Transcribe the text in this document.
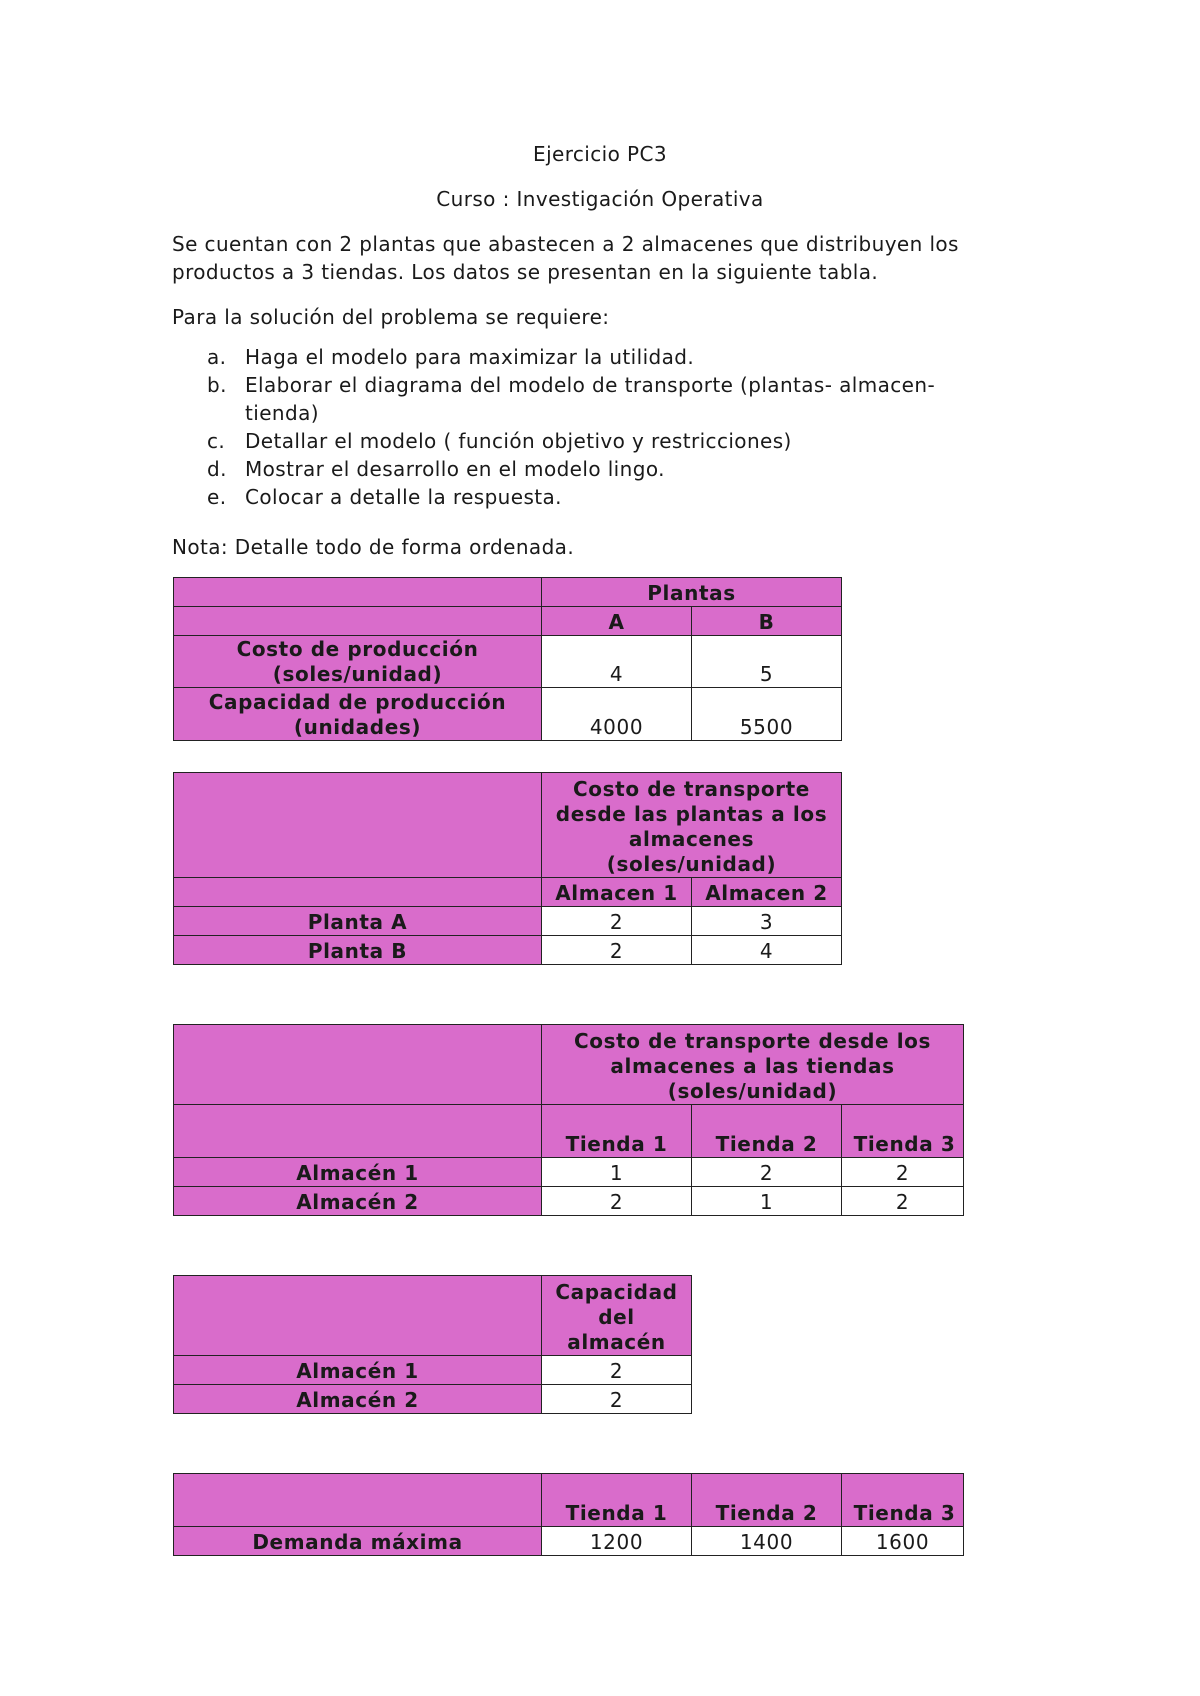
Ejercicio PC3
Curso : Investigación Operativa
Se cuentan con 2 plantas que abastecen a 2 almacenes que distribuyen los
productos a 3 tiendas. Los datos se presentan en la siguiente tabla.
Para la solución del problema se requiere:
a. Haga el modelo para maximizar la utilidad.
b. Elaborar el diagrama del modelo de transporte (plantas- almacen-tienda)
c. Detallar el modelo ( función objetivo y restricciones)
d. Mostrar el desarrollo en el modelo lingo.
e. Colocar a detalle la respuesta.
Nota: Detalle todo de forma ordenada.
	Plantas	
	A	B
Costo de producción (soles/unidad)	4	5
Capacidad de producción (unidades)	4000	5500
	Costo de transporte desde las plantas a los almacenes (soles/unidad)	
	Almacen 1	Almacen 2
Planta A	2	3
Planta B	2	4
	Costo de transporte desde los almacenes a las tiendas (soles/unidad)		
	Tienda 1	Tienda 2	Tienda 3
Almacén 1	1	2	2
Almacén 2	2	1	2
	Capacidad del almacén
Almacén 1	2
Almacén 2	2
	Tienda 1	Tienda 2	Tienda 3
Demanda máxima	1200	1400	1600
